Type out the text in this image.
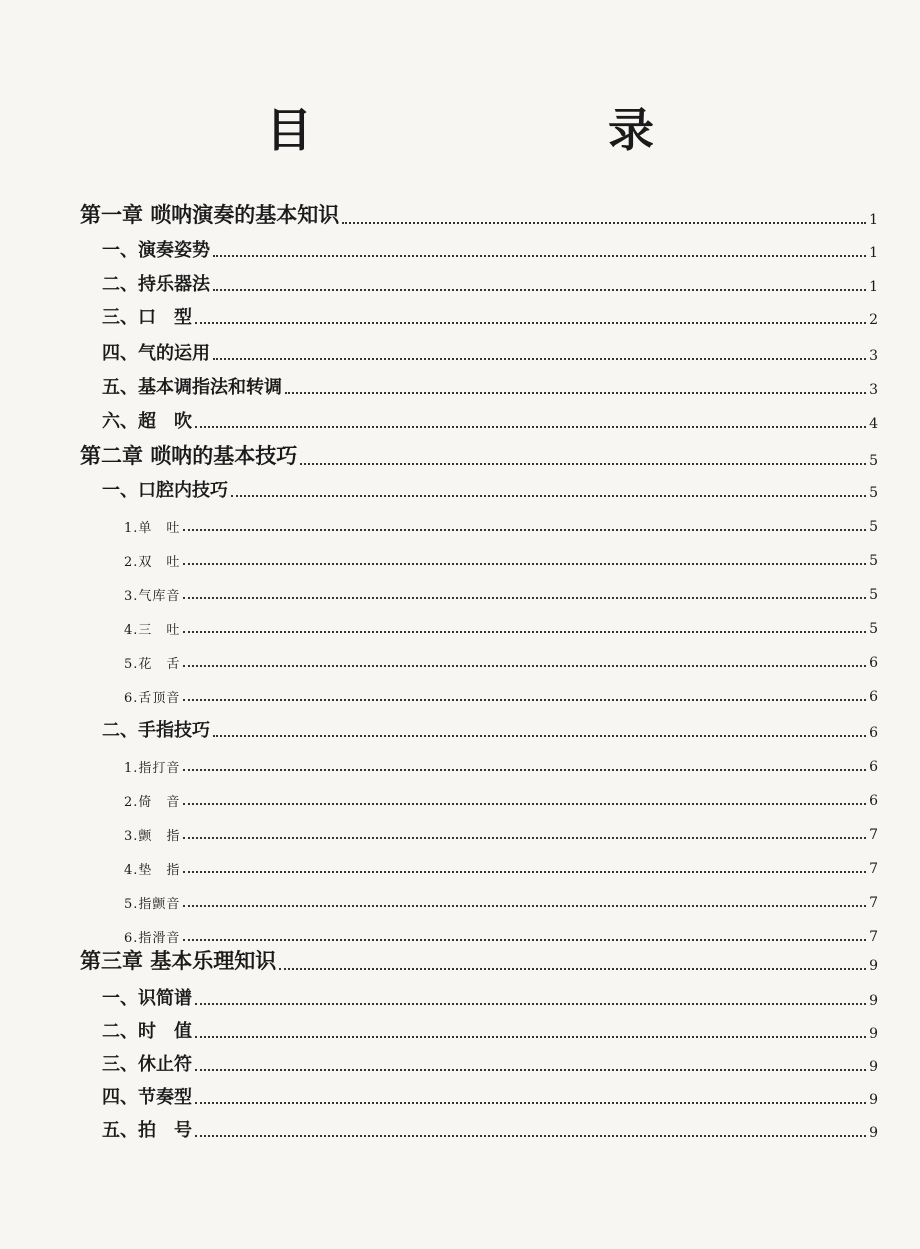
目　　录
第一章 唢呐演奏的基本知识	1
一、演奏姿势	1
二、持乐器法	1
三、口　型	2
四、气的运用	3
五、基本调指法和转调	3
六、超　吹	4
第二章 唢呐的基本技巧	5
一、口腔内技巧	5
1.单　吐	5
2.双　吐	5
3.气库音	5
4.三　吐	5
5.花　舌	6
6.舌顶音	6
二、手指技巧	6
1.指打音	6
2.倚　音	6
3.颤　指	7
4.垫　指	7
5.指颤音	7
6.指滑音	7
第三章 基本乐理知识	9
一、识简谱	9
二、时　值	9
三、休止符	9
四、节奏型	9
五、拍　号	9
